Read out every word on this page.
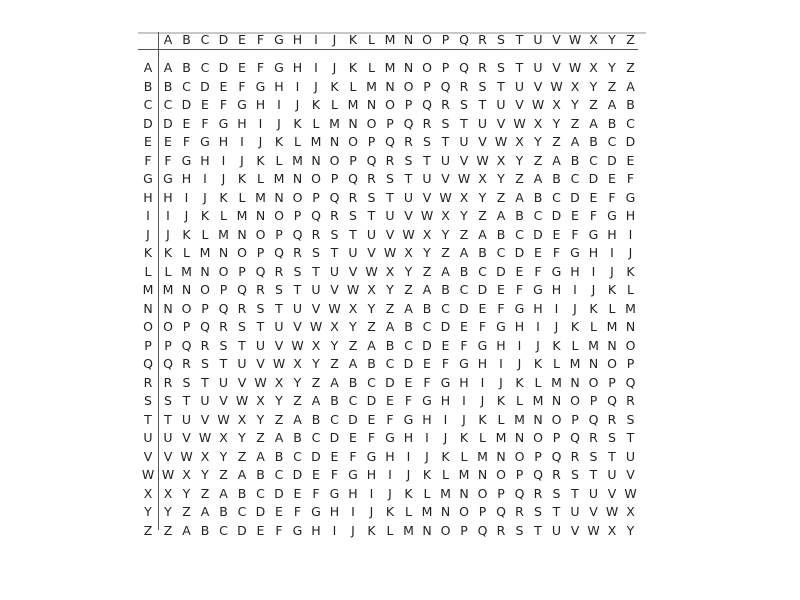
A B C D E F G H I	J	K L M N O P Q R S T U V W X Y Z
A A B C D E F G H I	J	K L M N O P Q R S T U V W X Y Z
B B C D E F G H I	J	K L M N O P Q R S T U V W X Y Z A
C C D E F G H I	J	K L M N O P Q R S T U V W X Y Z A B
D D E F G H I	J	K L M N O P Q R S T U V W X Y Z A B C
E E F G H I	J	K L M N O P Q R S T U V W X Y Z A B C D
F	F G H I	J	K L M N O P Q R S T U V W X Y Z A B C D E
G G H I	J	K L M N O P Q R S T U V W X Y Z A B C D E F
H H I	J	K L M N O P Q R S T U V W X Y Z A B C D E F G
I	I	J	K L M N O P Q R S T U V W X Y Z A B C D E F G H
J	J	K L M N O P Q R S T U V W X Y Z A B C D E F G H I
K K L M N O P Q R S T U V W X Y Z A B C D E F G H I	J
L	L M N O P Q R S T U V W X Y Z A B C D E F G H I	J	K
M M N O P Q R S T U V W X Y Z A B C D E F G H I	J	K L
N N O P Q R S T U V W X Y Z A B C D E F G H I	J	K L M
O O P Q R S T U V W X Y Z A B C D E F G H I	J	K L M N
P P Q R S T U V W X Y Z A B C D E F G H I	J	K L M N O
Q Q R S T U V W X Y Z A B C D E F G H I	J	K L M N O P
R R S T U V W X Y Z A B C D E F G H I	J	K L M N O P Q
S S T U V W X Y Z A B C D E F G H I	J	K L M N O P Q R
T T U V W X Y Z A B C D E F G H I	J	K L M N O P Q R S
U U V W X Y Z A B C D E F G H I	J	K L M N O P Q R S T
V V W X Y Z A B C D E F G H I	J	K L M N O P Q R S T U
W W X Y Z A B C D E F G H I	J	K L M N O P Q R S T U V
X X Y Z A B C D E F G H I	J	K L M N O P Q R S T U V W
Y Y Z A B C D E F G H I	J	K L M N O P Q R S T U V W X
Z Z A B C D E F G H I	J	K L M N O P Q R S T U V W X Y
